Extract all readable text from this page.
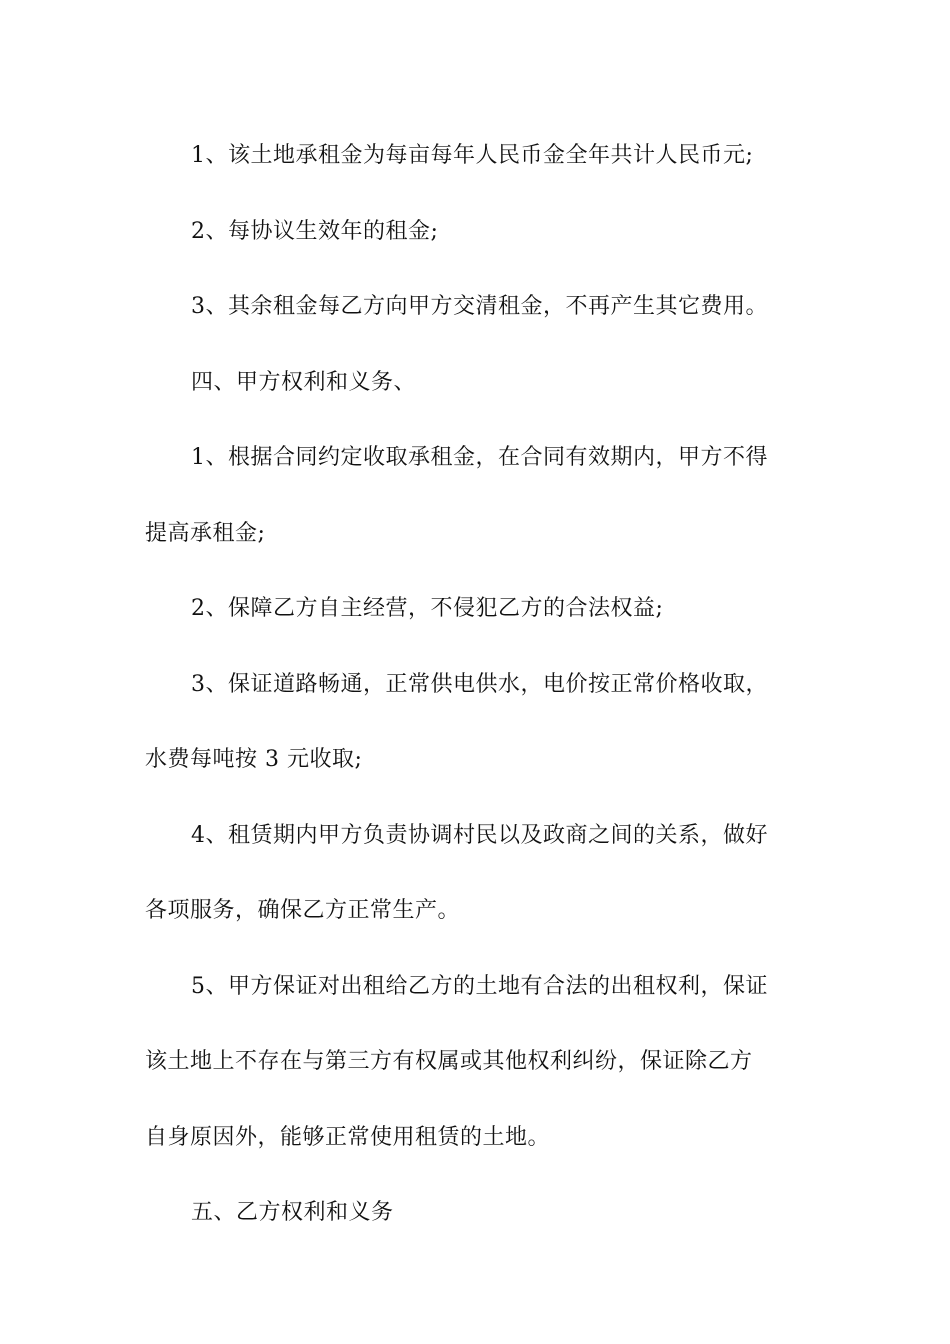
1、该土地承租金为每亩每年人民币金全年共计人民币元;

2、每协议生效年的租金;

3、其余租金每乙方向甲方交清租金，不再产生其它费用。

四、甲方权利和义务、

1、根据合同约定收取承租金，在合同有效期内，甲方不得
提高承租金;

2、保障乙方自主经营，不侵犯乙方的合法权益;

3、保证道路畅通，正常供电供水，电价按正常价格收取，
水费每吨按 3 元收取;

4、租赁期内甲方负责协调村民以及政商之间的关系，做好
各项服务，确保乙方正常生产。

5、甲方保证对出租给乙方的土地有合法的出租权利，保证
该土地上不存在与第三方有权属或其他权利纠纷，保证除乙方
自身原因外，能够正常使用租赁的土地。

五、乙方权利和义务
